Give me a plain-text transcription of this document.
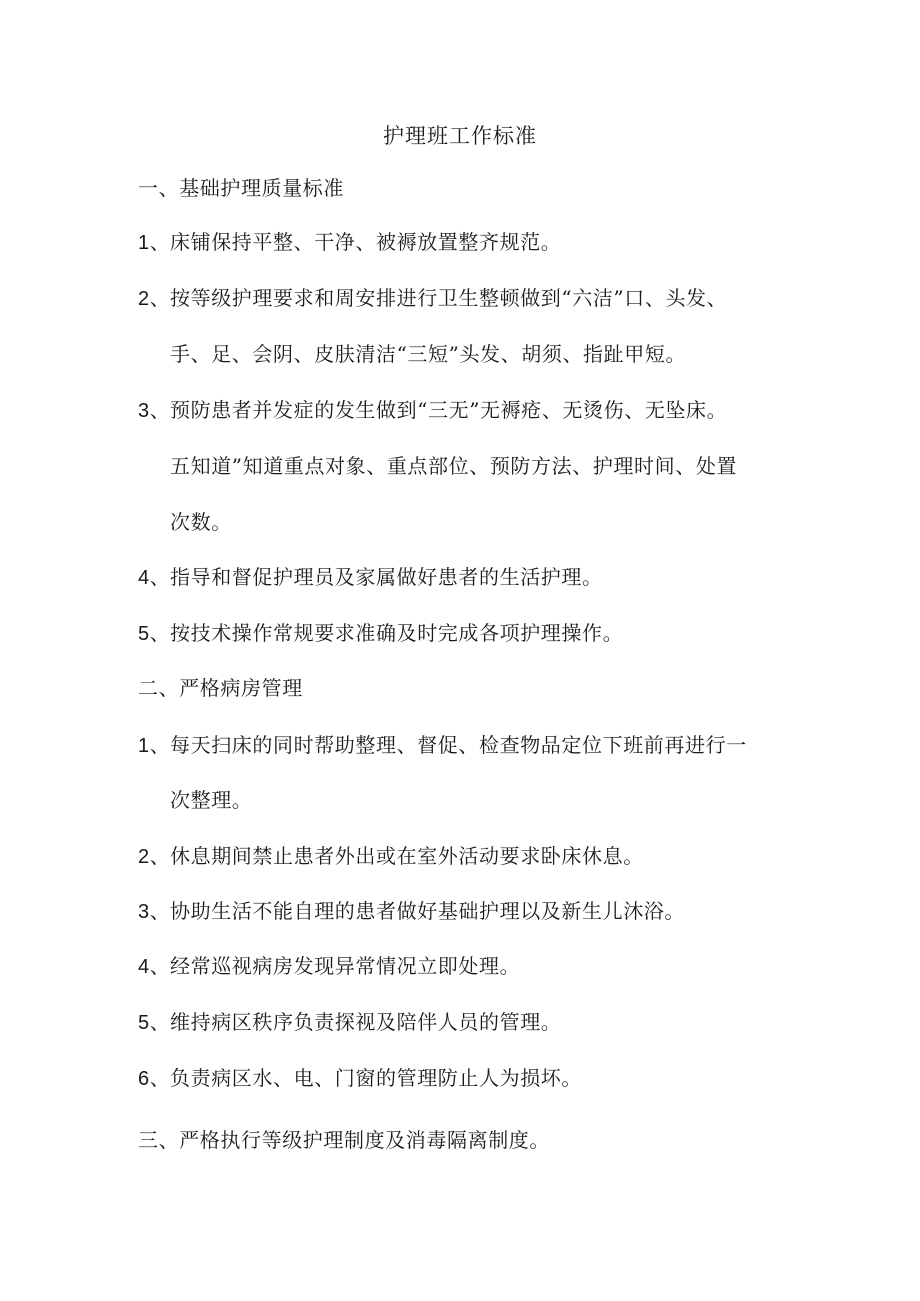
护理班工作标准
一、基础护理质量标准
1、床铺保持平整、干净、被褥放置整齐规范。
2、按等级护理要求和周安排进行卫生整顿做到“六洁”口、头发、
手、足、会阴、皮肤清洁“三短”头发、胡须、指趾甲短。
3、预防患者并发症的发生做到“三无”无褥疮、无烫伤、无坠床。
五知道”知道重点对象、重点部位、预防方法、护理时间、处置
次数。
4、指导和督促护理员及家属做好患者的生活护理。
5、按技术操作常规要求准确及时完成各项护理操作。
二、严格病房管理
1、每天扫床的同时帮助整理、督促、检查物品定位下班前再进行一
次整理。
2、休息期间禁止患者外出或在室外活动要求卧床休息。
3、协助生活不能自理的患者做好基础护理以及新生儿沐浴。
4、经常巡视病房发现异常情况立即处理。
5、维持病区秩序负责探视及陪伴人员的管理。
6、负责病区水、电、门窗的管理防止人为损坏。
三、严格执行等级护理制度及消毒隔离制度。
